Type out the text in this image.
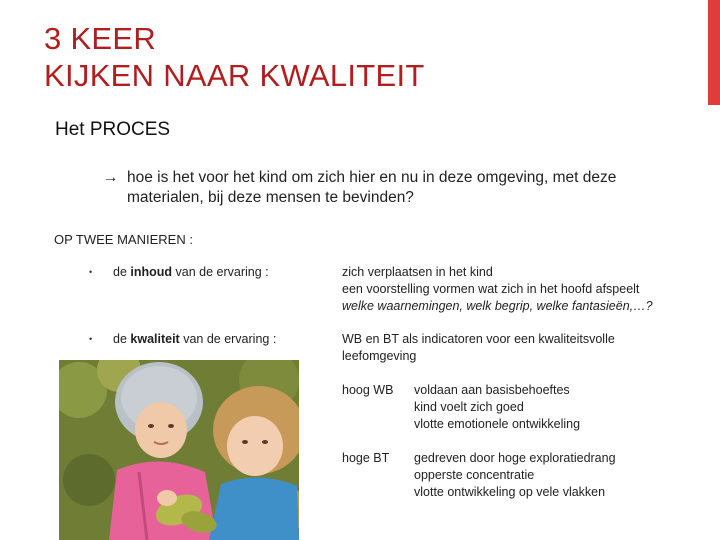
3 KEER
KIJKEN NAAR KWALITEIT
Het PROCES
→ hoe is het voor het kind om zich hier en nu in deze omgeving, met deze materialen, bij deze mensen te bevinden?
OP TWEE MANIEREN :
• de inhoud van de ervaring :	zich verplaatsen in het kind
een voorstelling vormen wat zich in het hoofd afspeelt
welke waarnemingen, welk begrip, welke fantasieën,…?
• de kwaliteit van de ervaring :	WB en BT als indicatoren voor een kwaliteitsvolle
leefomgeving
hoog WB voldaan aan basisbehoeftes
kind voelt zich goed
vlotte emotionele ontwikkeling
hoge BT gedreven door hoge exploratiedrang
opperste concentratie
vlotte ontwikkeling op vele vlakken
